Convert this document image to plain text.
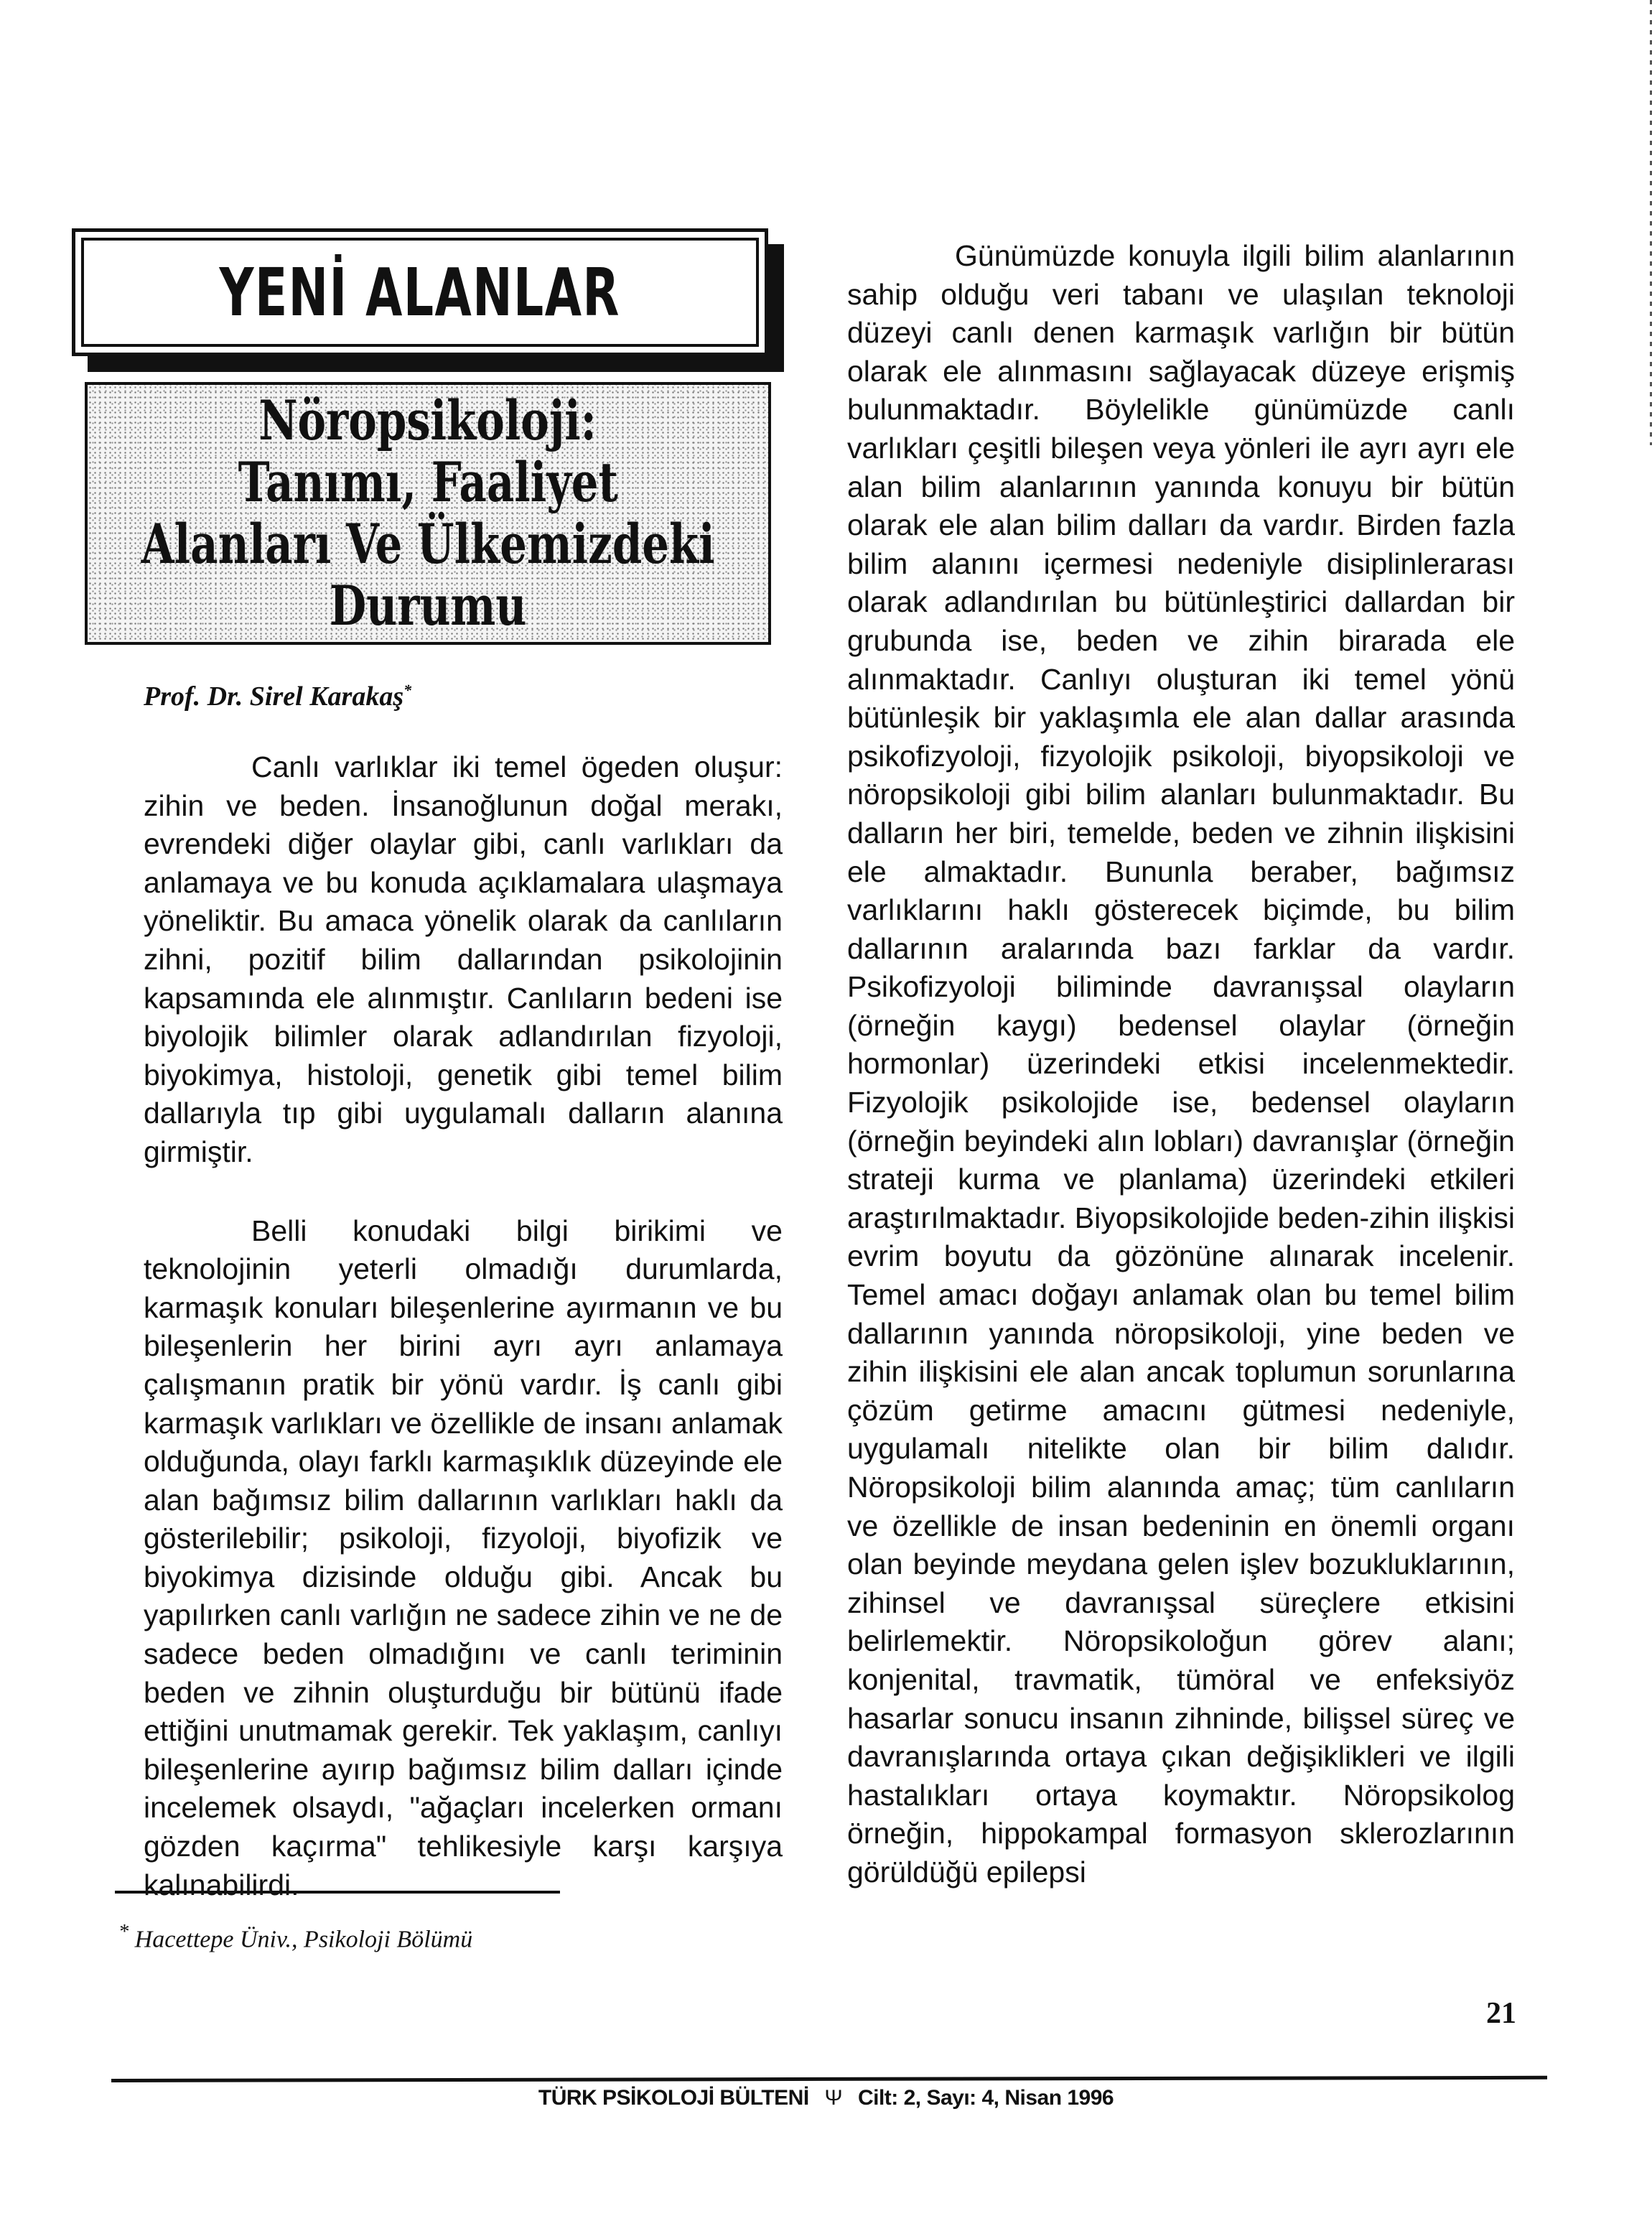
YENİ ALANLAR
Nöropsikoloji:
Tanımı, Faaliyet
Alanları Ve Ülkemizdeki
Durumu
Prof. Dr. Sirel Karakaş*

Canlı varlıklar iki temel ögeden oluşur: zihin ve beden. İnsanoğlunun doğal merakı, evrendeki diğer olaylar gibi, canlı varlıkları da anlamaya ve bu konuda açıklamalara ulaşmaya yöneliktir. Bu amaca yönelik olarak da canlıların zihni, pozitif bilim dallarından psikolojinin kapsamında ele alınmıştır. Canlıların bedeni ise biyolojik bilimler olarak adlandırılan fizyoloji, biyokimya, histoloji, genetik gibi temel bilim dallarıyla tıp gibi uygulamalı dalların alanına girmiştir.

Belli konudaki bilgi birikimi ve teknolojinin yeterli olmadığı durumlarda, karmaşık konuları bileşenlerine ayırmanın ve bu bileşenlerin her birini ayrı ayrı anlamaya çalışmanın pratik bir yönü vardır. İş canlı gibi karmaşık varlıkları ve özellikle de insanı anlamak olduğunda, olayı farklı karmaşıklık düzeyinde ele alan bağımsız bilim dallarının varlıkları haklı da gösterilebilir; psikoloji, fizyoloji, biyofizik ve biyokimya dizisinde olduğu gibi. Ancak bu yapılırken canlı varlığın ne sadece zihin ve ne de sadece beden olmadığını ve canlı teriminin beden ve zihnin oluşturduğu bir bütünü ifade ettiğini unutmamak gerekir. Tek yaklaşım, canlıyı bileşenlerine ayırıp bağımsız bilim dalları içinde incelemek olsaydı, "ağaçları incelerken ormanı gözden kaçırma" tehlikesiyle karşı karşıya kalınabilirdi.

* Hacettepe Üniv., Psikoloji Bölümü

Günümüzde konuyla ilgili bilim alanlarının sahip olduğu veri tabanı ve ulaşılan teknoloji düzeyi canlı denen karmaşık varlığın bir bütün olarak ele alınmasını sağlayacak düzeye erişmiş bulunmaktadır. Böylelikle günümüzde canlı varlıkları çeşitli bileşen veya yönleri ile ayrı ayrı ele alan bilim alanlarının yanında konuyu bir bütün olarak ele alan bilim dalları da vardır. Birden fazla bilim alanını içermesi nedeniyle disiplinlerarası olarak adlandırılan bu bütünleştirici dallardan bir grubunda ise, beden ve zihin birarada ele alınmaktadır. Canlıyı oluşturan iki temel yönü bütünleşik bir yaklaşımla ele alan dallar arasında psikofizyoloji, fizyolojik psikoloji, biyopsikoloji ve nöropsikoloji gibi bilim alanları bulunmaktadır. Bu dalların her biri, temelde, beden ve zihnin ilişkisini ele almaktadır. Bununla beraber, bağımsız varlıklarını haklı gösterecek biçimde, bu bilim dallarının aralarında bazı farklar da vardır. Psikofizyoloji biliminde davranışsal olayların (örneğin kaygı) bedensel olaylar (örneğin hormonlar) üzerindeki etkisi incelenmektedir. Fizyolojik psikolojide ise, bedensel olayların (örneğin beyindeki alın lobları) davranışlar (örneğin strateji kurma ve planlama) üzerindeki etkileri araştırılmaktadır. Biyopsikolojide beden-zihin ilişkisi evrim boyutu da gözönüne alınarak incelenir. Temel amacı doğayı anlamak olan bu temel bilim dallarının yanında nöropsikoloji, yine beden ve zihin ilişkisini ele alan ancak toplumun sorunlarına çözüm getirme amacını gütmesi nedeniyle, uygulamalı nitelikte olan bir bilim dalıdır. Nöropsikoloji bilim alanında amaç; tüm canlıların ve özellikle de insan bedeninin en önemli organı olan beyinde meydana gelen işlev bozukluklarının, zihinsel ve davranışsal süreçlere etkisini belirlemektir. Nöropsikoloğun görev alanı; konjenital, travmatik, tümöral ve enfeksiyöz hasarlar sonucu insanın zihninde, bilişsel süreç ve davranışlarında ortaya çıkan değişiklikleri ve ilgili hastalıkları ortaya koymaktır. Nöropsikolog örneğin, hippokampal formasyon sklerozlarının görüldüğü epilepsi

21
TÜRK PSİKOLOJİ BÜLTENİ Ψ Cilt: 2, Sayı: 4, Nisan 1996
